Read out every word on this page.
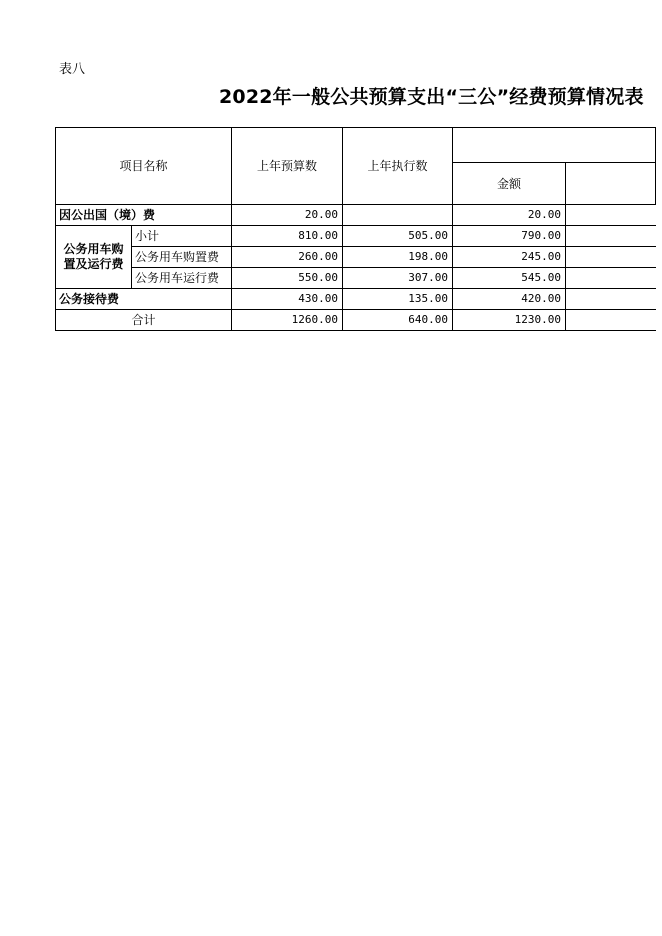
表八
2022年一般公共预算支出“三公”经费预算情况表
项目名称		上年预算数	上年执行数		
				金额	
因公出国（境）费		20.00		20.00	
公务用车购置及运行费	小计	810.00	505.00	790.00	
	公务用车购置费	260.00	198.00	245.00	
	公务用车运行费	550.00	307.00	545.00	
公务接待费		430.00	135.00	420.00	
合计		1260.00	640.00	1230.00	
